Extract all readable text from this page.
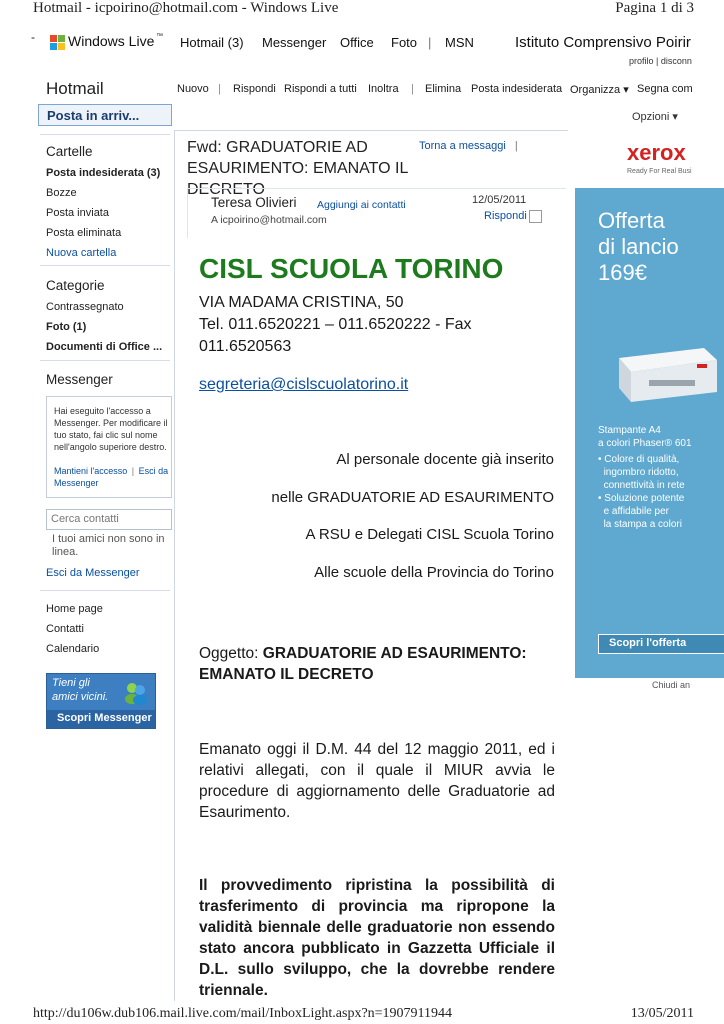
Hotmail - icpoirino@hotmail.com - Windows Live	Pagina 1 di 3
- Windows Live ™ Hotmail (3) Messenger Office Foto | MSN	Istituto Comprensivo Poirir
profilo | disconn
Hotmail	Nuovo | Rispondi Rispondi a tutti Inoltra | Elimina Posta indesiderata Organizza ▾ Segna com
Opzioni ▾
Posta in arriv...
Cartelle
Posta indesiderata (3)
Bozze
Posta inviata
Posta eliminata
Nuova cartella
Categorie
Contrassegnato
Foto (1)
Documenti di Office ...
Messenger
Hai eseguito l'accesso a Messenger. Per modificare il tuo stato, fai clic sul nome nell'angolo superiore destro.
Mantieni l'accesso | Esci da Messenger
Cerca contatti
I tuoi amici non sono in linea.
Esci da Messenger
Home page
Contatti
Calendario
Tieni gli
amici vicini.
Scopri Messenger
Fwd: GRADUATORIE AD ESAURIMENTO: EMANATO IL DECRETO
Torna a messaggi |
Teresa Olivieri Aggiungi ai contatti
A icpoirino@hotmail.com
12/05/2011
Rispondi
CISL SCUOLA TORINO
VIA MADAMA CRISTINA, 50
Tel. 011.6520221 – 011.6520222 - Fax
011.6520563
segreteria@cislscuolatorino.it
Al personale docente già inserito
nelle GRADUATORIE AD ESAURIMENTO
A RSU e Delegati CISL Scuola Torino
Alle scuole della Provincia do Torino
Oggetto: GRADUATORIE AD ESAURIMENTO: EMANATO IL DECRETO
Emanato oggi il D.M. 44 del 12 maggio 2011, ed i relativi allegati, con il quale il MIUR avvia le procedure di aggiornamento delle Graduatorie ad Esaurimento.
Il provvedimento ripristina la possibilità di trasferimento di provincia ma ripropone la validità biennale delle graduatorie non essendo stato ancora pubblicato in Gazzetta Ufficiale il D.L. sullo sviluppo, che la dovrebbe rendere triennale.
xerox
Ready For Real Busi
Offerta
di lancio
169€
Stampante A4
a colori Phaser® 601
• Colore di qualità,
ingombro ridotto,
connettività in rete
• Soluzione potente
e affidabile per
la stampa a colori
Scopri l'offerta
Chiudi an
http://du106w.dub106.mail.live.com/mail/InboxLight.aspx?n=1907911944	13/05/2011
